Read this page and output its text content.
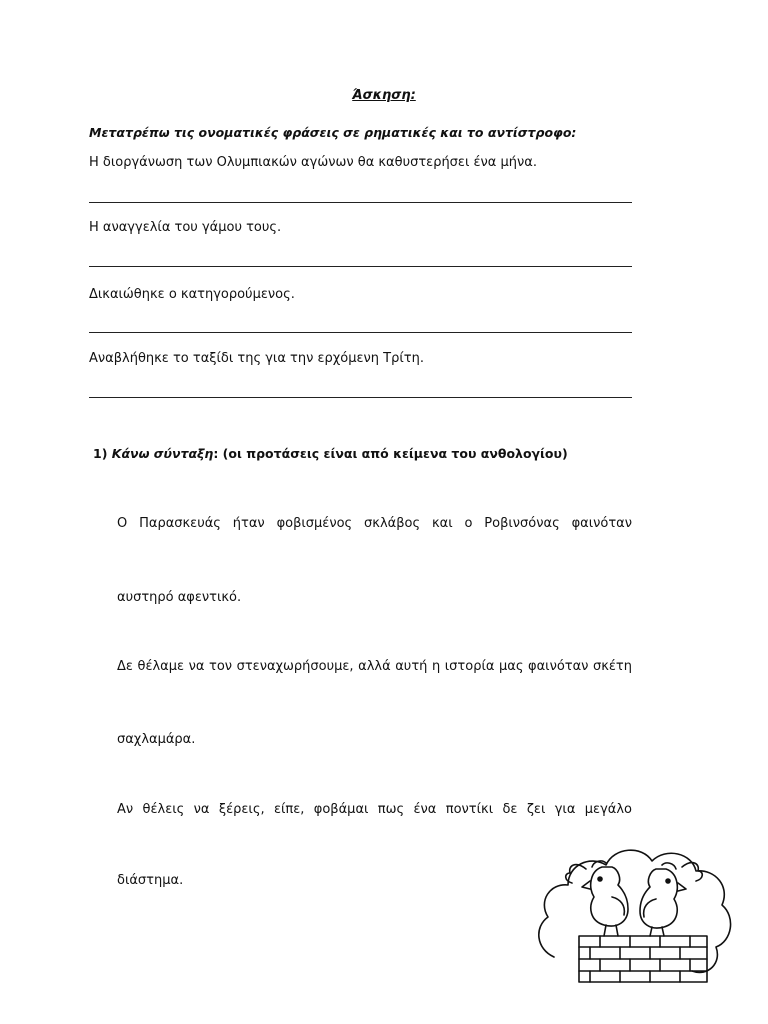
Άσκηση:
Μετατρέπω τις ονοματικές φράσεις σε ρηματικές και το αντίστροφο:
Η διοργάνωση των Ολυμπιακών αγώνων θα καθυστερήσει ένα μήνα.
Η αναγγελία του γάμου τους.
Δικαιώθηκε ο κατηγορούμενος.
Αναβλήθηκε το ταξίδι της για την ερχόμενη Τρίτη.
1) Κάνω σύνταξη: (οι προτάσεις είναι από κείμενα του ανθολογίου)
Ο Παρασκευάς ήταν φοβισμένος σκλάβος και ο Ροβινσόνας φαινόταν
αυστηρό αφεντικό.
Δε θέλαμε να τον στεναχωρήσουμε, αλλά αυτή η ιστορία μας φαινόταν σκέτη
σαχλαμάρα.
Αν θέλεις να ξέρεις, είπε, φοβάμαι πως ένα ποντίκι δε ζει για μεγάλο
διάστημα.
